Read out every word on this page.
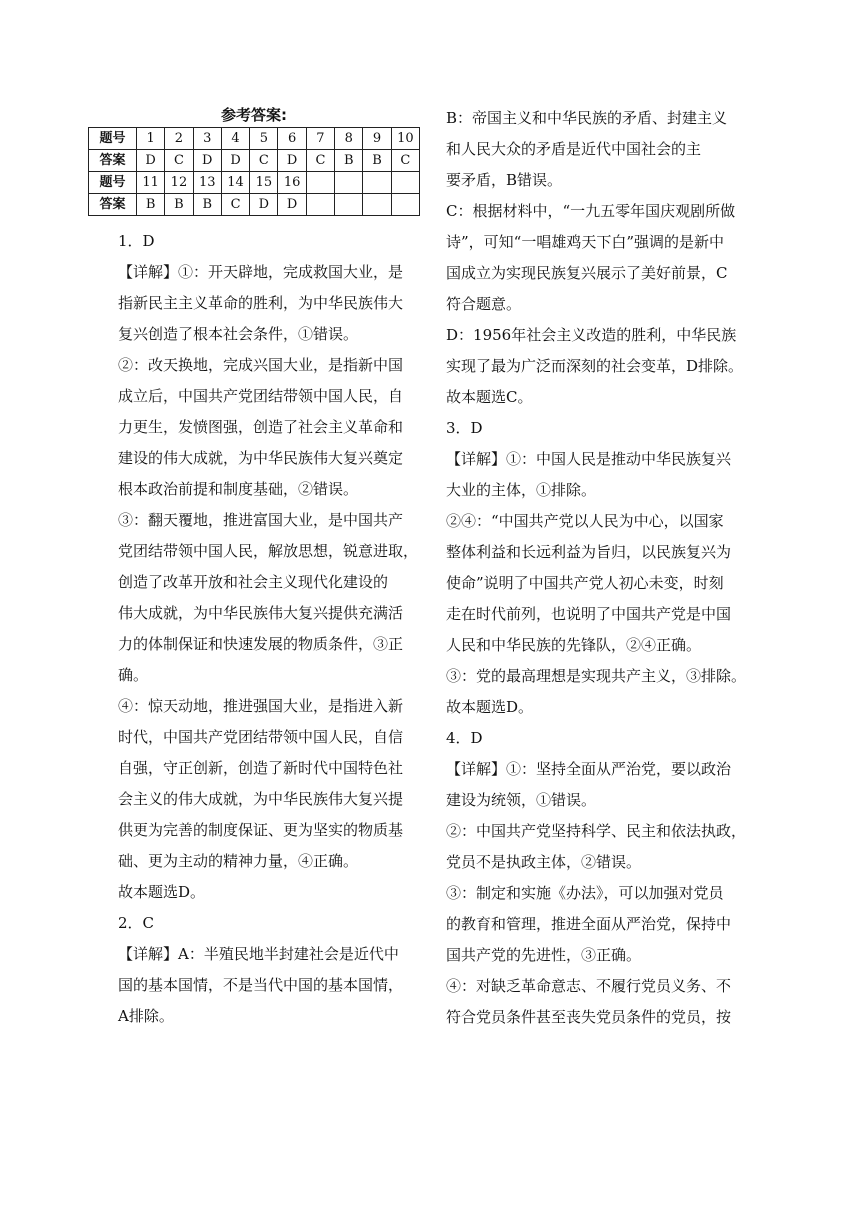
参考答案:
题号	1	2	3	4	5	6	7	8	9	10
答案	D	C	D	D	C	D	C	B	B	C
题号	11	12	13	14	15	16				
答案	B	B	B	C	D	D				
1．D
【详解】①：开天辟地，完成救国大业，是
指新民主主义革命的胜利，为中华民族伟大
复兴创造了根本社会条件，①错误。
②：改天换地，完成兴国大业，是指新中国
成立后，中国共产党团结带领中国人民，自
力更生，发愤图强，创造了社会主义革命和
建设的伟大成就，为中华民族伟大复兴奠定
根本政治前提和制度基础，②错误。
③：翻天覆地，推进富国大业，是中国共产
党团结带领中国人民，解放思想，锐意进取，
创造了改革开放和社会主义现代化建设的
伟大成就，为中华民族伟大复兴提供充满活
力的体制保证和快速发展的物质条件，③正
确。
④：惊天动地，推进强国大业，是指进入新
时代，中国共产党团结带领中国人民，自信
自强，守正创新，创造了新时代中国特色社
会主义的伟大成就，为中华民族伟大复兴提
供更为完善的制度保证、更为坚实的物质基
础、更为主动的精神力量，④正确。
故本题选D。
2．C
【详解】A：半殖民地半封建社会是近代中
国的基本国情，不是当代中国的基本国情，
A排除。
B：帝国主义和中华民族的矛盾、封建主义
和人民大众的矛盾是近代中国社会的主
要矛盾，B错误。
C：根据材料中，“一九五零年国庆观剧所做
诗”，可知“一唱雄鸡天下白”强调的是新中
国成立为实现民族复兴展示了美好前景，C
符合题意。
D：1956年社会主义改造的胜利，中华民族
实现了最为广泛而深刻的社会变革，D排除。
故本题选C。
3．D
【详解】①：中国人民是推动中华民族复兴
大业的主体，①排除。
②④：“中国共产党以人民为中心，以国家
整体利益和长远利益为旨归，以民族复兴为
使命”说明了中国共产党人初心未变，时刻
走在时代前列，也说明了中国共产党是中国
人民和中华民族的先锋队，②④正确。
③：党的最高理想是实现共产主义，③排除。
故本题选D。
4．D
【详解】①：坚持全面从严治党，要以政治
建设为统领，①错误。
②：中国共产党坚持科学、民主和依法执政，
党员不是执政主体，②错误。
③：制定和实施《办法》，可以加强对党员
的教育和管理，推进全面从严治党，保持中
国共产党的先进性，③正确。
④：对缺乏革命意志、不履行党员义务、不
符合党员条件甚至丧失党员条件的党员，按
